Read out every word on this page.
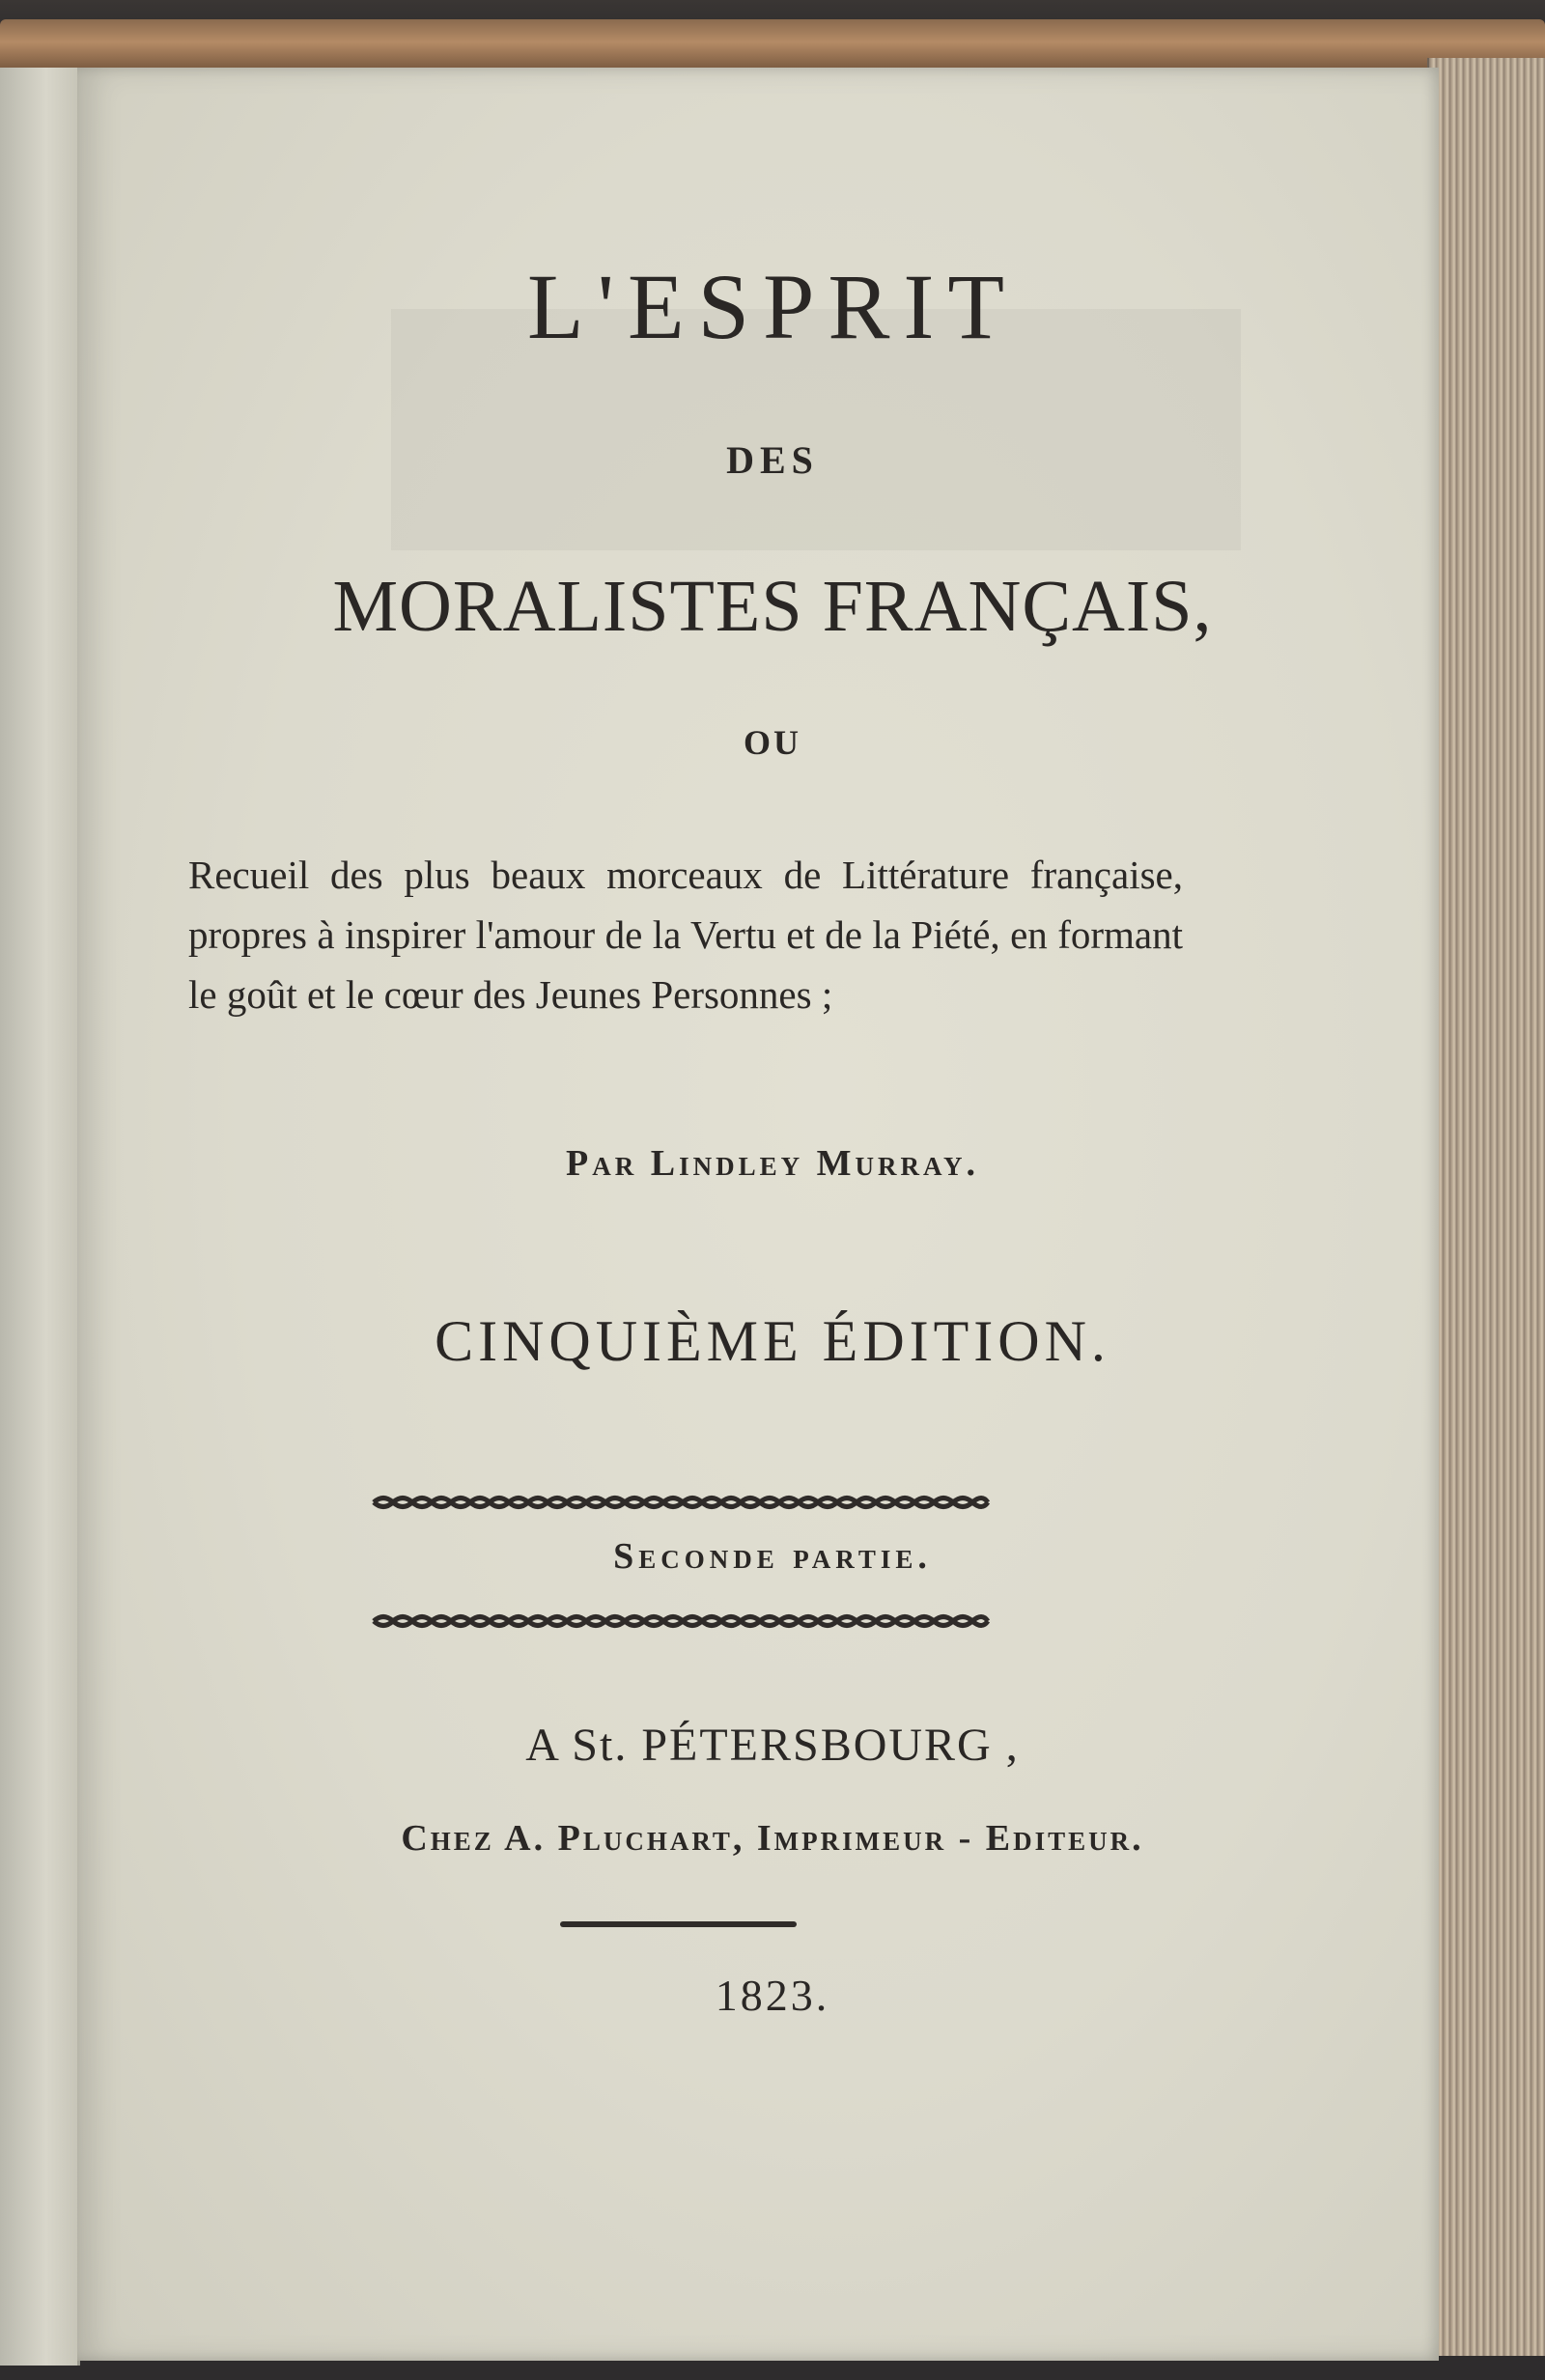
L'ESPRIT

DES

MORALISTES FRANÇAIS,

OU

Recueil des plus beaux morceaux de Littérature française, propres à inspirer l'amour de la Vertu et de la Piété, en formant le goût et le cœur des Jeunes Personnes ;

Par Lindley Murray.

CINQUIÈME ÉDITION.

Seconde partie.

A St. PÉTERSBOURG ,

Chez A. Pluchart, Imprimeur - Editeur.

1823.
